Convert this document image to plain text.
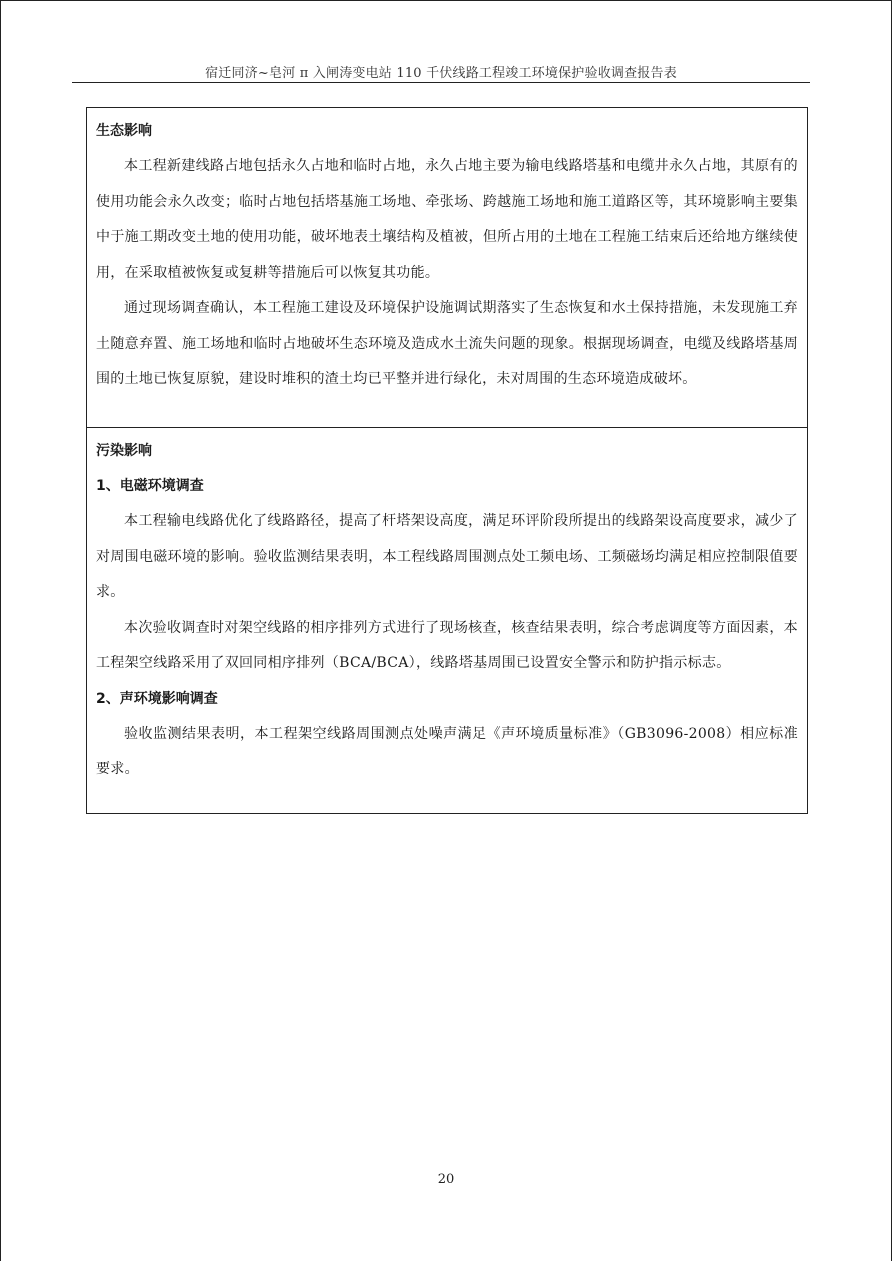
宿迁同济~皂河 π 入闸涛变电站 110 千伏线路工程竣工环境保护验收调查报告表

生态影响

本工程新建线路占地包括永久占地和临时占地，永久占地主要为输电线路塔基和电缆井永久占地，其原有的使用功能会永久改变；临时占地包括塔基施工场地、牵张场、跨越施工场地和施工道路区等，其环境影响主要集中于施工期改变土地的使用功能，破坏地表土壤结构及植被，但所占用的土地在工程施工结束后还给地方继续使用，在采取植被恢复或复耕等措施后可以恢复其功能。

通过现场调查确认，本工程施工建设及环境保护设施调试期落实了生态恢复和水土保持措施，未发现施工弃土随意弃置、施工场地和临时占地破坏生态环境及造成水土流失问题的现象。根据现场调查，电缆及线路塔基周围的土地已恢复原貌，建设时堆积的渣土均已平整并进行绿化，未对周围的生态环境造成破坏。

污染影响

1、电磁环境调查

本工程输电线路优化了线路路径，提高了杆塔架设高度，满足环评阶段所提出的线路架设高度要求，减少了对周围电磁环境的影响。验收监测结果表明，本工程线路周围测点处工频电场、工频磁场均满足相应控制限值要求。

本次验收调查时对架空线路的相序排列方式进行了现场核查，核查结果表明，综合考虑调度等方面因素，本工程架空线路采用了双回同相序排列（BCA/BCA），线路塔基周围已设置安全警示和防护指示标志。

2、声环境影响调查

验收监测结果表明，本工程架空线路周围测点处噪声满足《声环境质量标准》（GB3096-2008）相应标准要求。

20
